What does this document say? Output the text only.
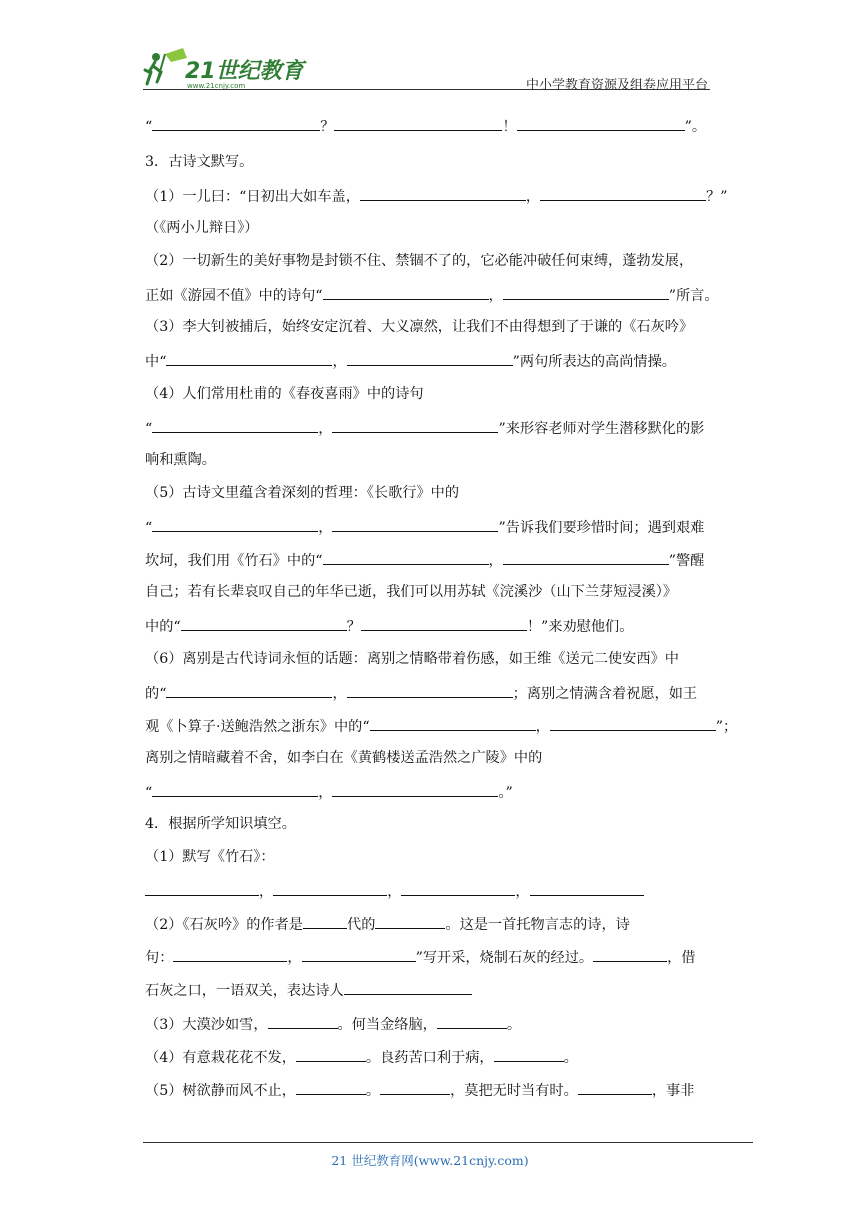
21世纪教育
www.21cnjy.com	中小学教育资源及组卷应用平台
“	？	！	”。
3．古诗文默写。
（1）一儿曰：“日初出大如车盖，	，	？”
（《两小儿辩日》）
（2）一切新生的美好事物是封锁不住、禁锢不了的，它必能冲破任何束缚，蓬勃发展，
正如《游园不值》中的诗句“	，	”所言。
（3）李大钊被捕后，始终安定沉着、大义凛然，让我们不由得想到了于谦的《石灰吟》
中“	，	”两句所表达的高尚情操。
（4）人们常用杜甫的《春夜喜雨》中的诗句
“	，	”来形容老师对学生潜移默化的影
响和熏陶。
（5）古诗文里蕴含着深刻的哲理：《长歌行》中的
“	，	”告诉我们要珍惜时间；遇到艰难
坎坷，我们用《竹石》中的“	，	”警醒
自己；若有长辈哀叹自己的年华已逝，我们可以用苏轼《浣溪沙（山下兰芽短浸溪）》
中的“	？	！”来劝慰他们。
（6）离别是古代诗词永恒的话题：离别之情略带着伤感，如王维《送元二使安西》中
的“	，	；离别之情满含着祝愿，如王
观《卜算子·送鲍浩然之浙东》中的“	，	”；
离别之情暗藏着不舍，如李白在《黄鹤楼送孟浩然之广陵》中的
“	，	。”
4．根据所学知识填空。
（1）默写《竹石》：
，	，	，
（2）《石灰吟》的作者是	代的	。这是一首托物言志的诗，诗
句：	，	”写开采，烧制石灰的经过。	，借
石灰之口，一语双关，表达诗人
（3）大漠沙如雪，	。何当金络脑，	。
（4）有意栽花花不发，	。良药苦口利于病，	。
（5）树欲静而风不止，	。	，莫把无时当有时。	，事非
21 世纪教育网(www.21cnjy.com)
